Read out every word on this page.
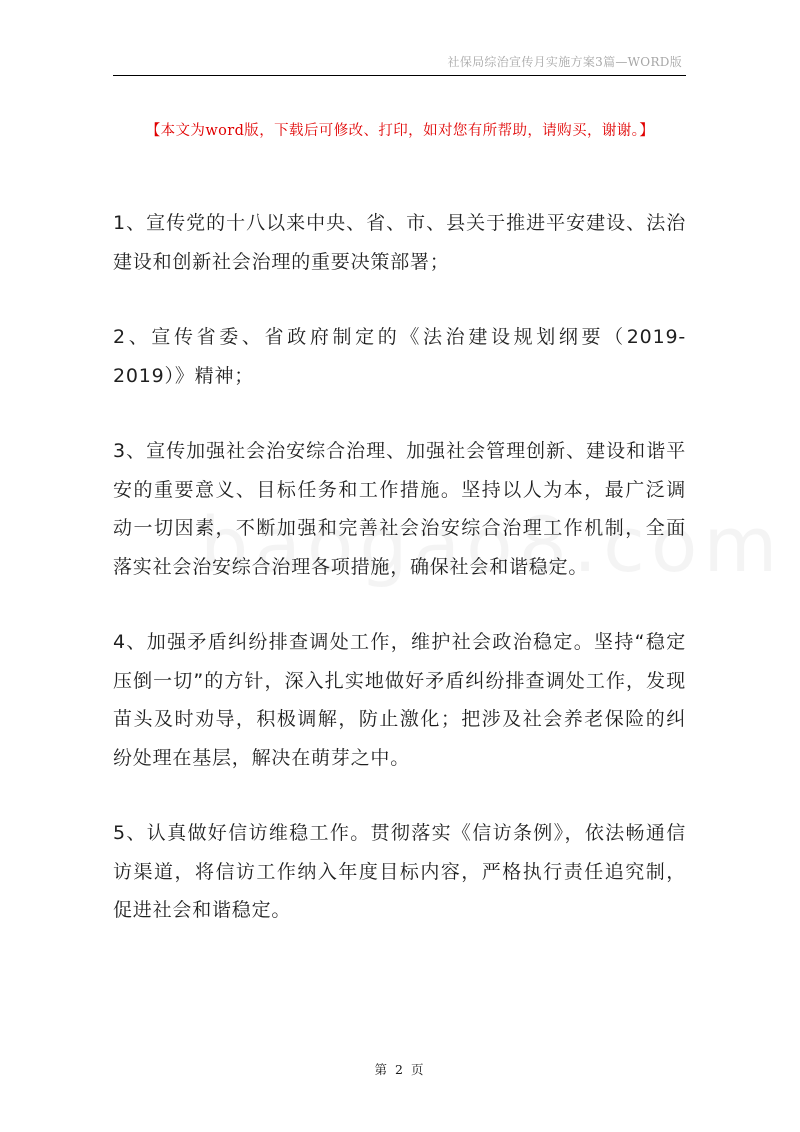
社保局综治宣传月实施方案3篇—WORD版
【本文为word版，下载后可修改、打印，如对您有所帮助，请购买，谢谢。】

1、宣传党的十八以来中央、省、市、县关于推进平安建设、法治建设和创新社会治理的重要决策部署；

2、宣传省委、省政府制定的《法治建设规划纲要（2019-2019）》精神；

3、宣传加强社会治安综合治理、加强社会管理创新、建设和谐平安的重要意义、目标任务和工作措施。坚持以人为本，最广泛调动一切因素，不断加强和完善社会治安综合治理工作机制，全面落实社会治安综合治理各项措施，确保社会和谐稳定。

4、加强矛盾纠纷排查调处工作，维护社会政治稳定。坚持“稳定压倒一切”的方针，深入扎实地做好矛盾纠纷排查调处工作，发现苗头及时劝导，积极调解，防止激化；把涉及社会养老保险的纠纷处理在基层，解决在萌芽之中。

5、认真做好信访维稳工作。贯彻落实《信访条例》，依法畅通信访渠道，将信访工作纳入年度目标内容，严格执行责任追究制，促进社会和谐稳定。

第 2 页
